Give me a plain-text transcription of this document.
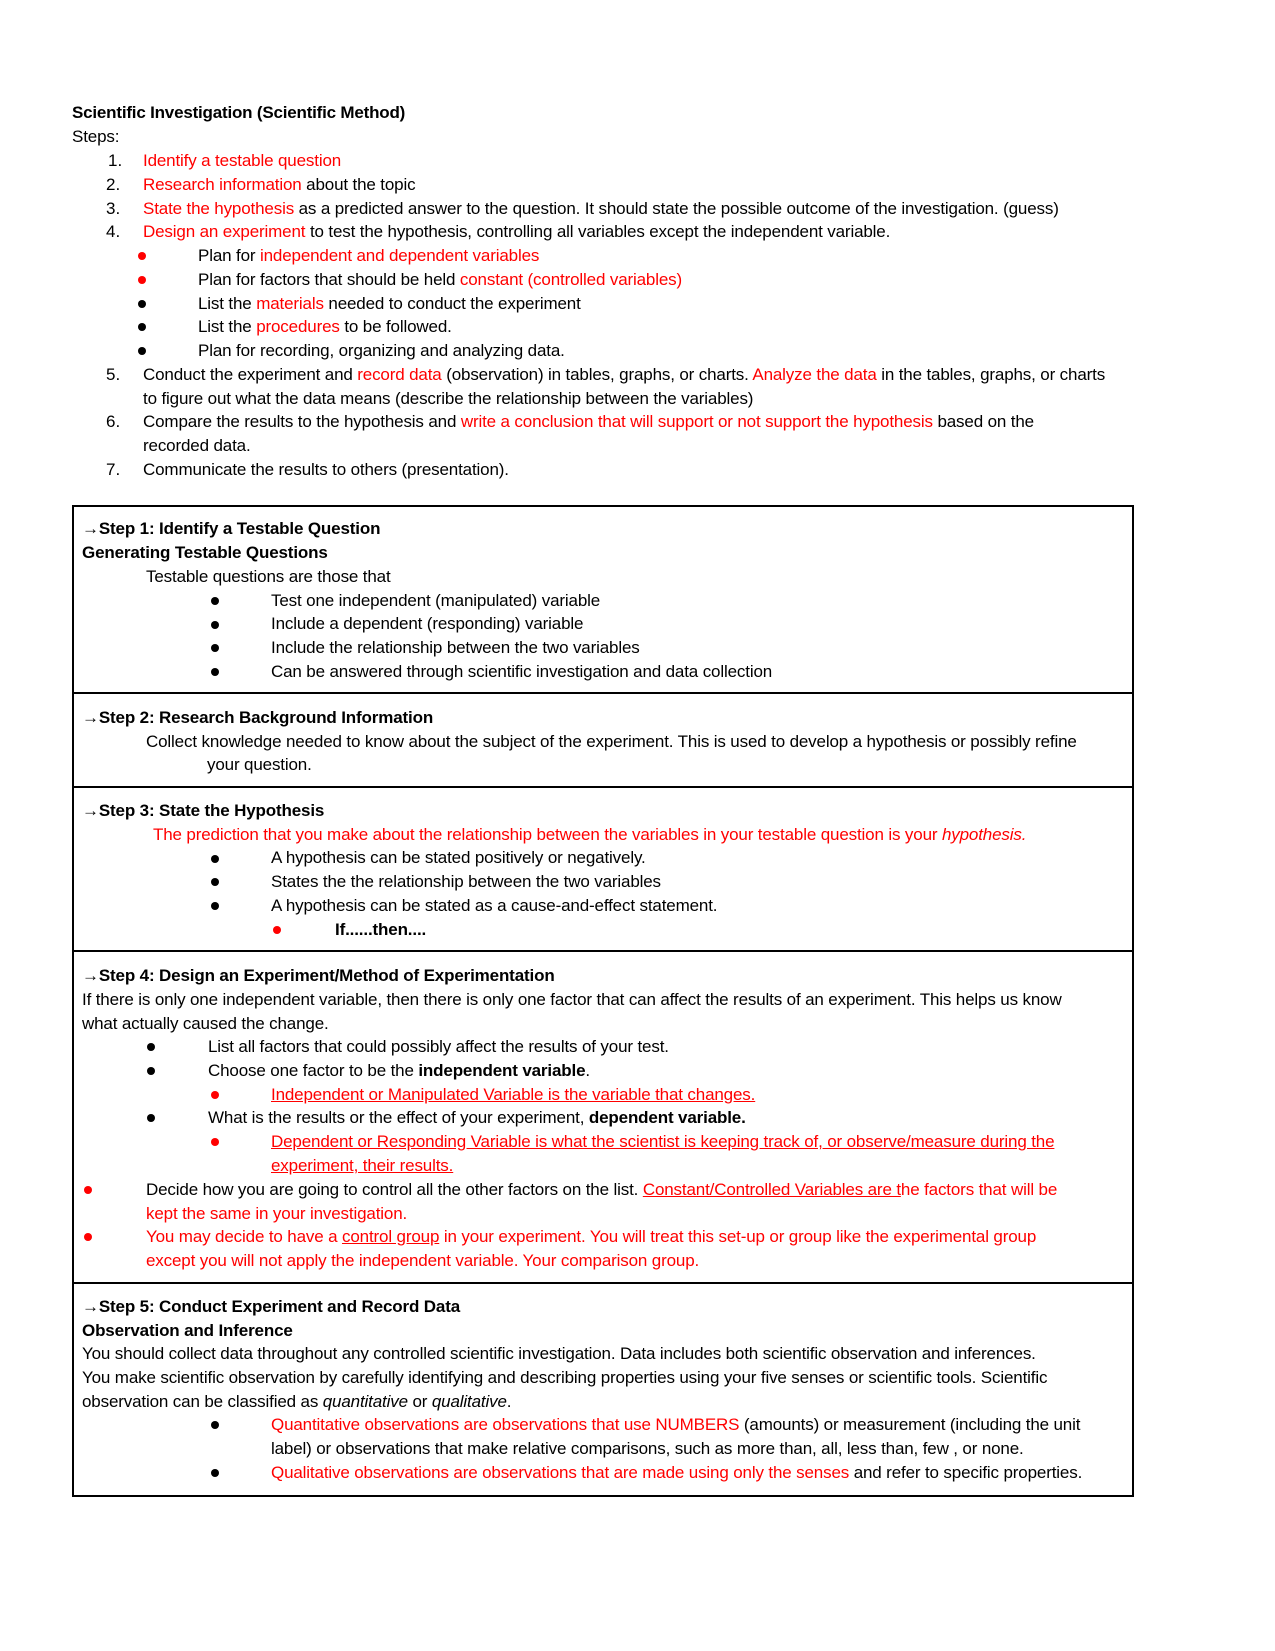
Scientific Investigation (Scientific Method)
Steps:
1. Identify a testable question
2. Research information about the topic
3. State the hypothesis as a predicted answer to the question. It should state the possible outcome of the investigation. (guess)
4. Design an experiment to test the hypothesis, controlling all variables except the independent variable.
Plan for independent and dependent variables
Plan for factors that should be held constant (controlled variables)
List the materials needed to conduct the experiment
List the procedures to be followed.
Plan for recording, organizing and analyzing data.
5. Conduct the experiment and record data (observation) in tables, graphs, or charts. Analyze the data in the tables, graphs, or charts
to figure out what the data means (describe the relationship between the variables)
6. Compare the results to the hypothesis and write a conclusion that will support or not support the hypothesis based on the
recorded data.
7. Communicate the results to others (presentation).
→Step 1: Identify a Testable Question
Generating Testable Questions
Testable questions are those that
Test one independent (manipulated) variable
Include a dependent (responding) variable
Include the relationship between the two variables
Can be answered through scientific investigation and data collection
→Step 2: Research Background Information
Collect knowledge needed to know about the subject of the experiment. This is used to develop a hypothesis or possibly refine
your question.
→Step 3: State the Hypothesis
The prediction that you make about the relationship between the variables in your testable question is your hypothesis.
A hypothesis can be stated positively or negatively.
States the the relationship between the two variables
A hypothesis can be stated as a cause-and-effect statement.
If......then....
→Step 4: Design an Experiment/Method of Experimentation
If there is only one independent variable, then there is only one factor that can affect the results of an experiment. This helps us know
what actually caused the change.
List all factors that could possibly affect the results of your test.
Choose one factor to be the independent variable.
Independent or Manipulated Variable is the variable that changes.
What is the results or the effect of your experiment, dependent variable.
Dependent or Responding Variable is what the scientist is keeping track of, or observe/measure during the
experiment, their results.
Decide how you are going to control all the other factors on the list. Constant/Controlled Variables are the factors that will be
kept the same in your investigation.
You may decide to have a control group in your experiment. You will treat this set-up or group like the experimental group
except you will not apply the independent variable. Your comparison group.
→Step 5: Conduct Experiment and Record Data
Observation and Inference
You should collect data throughout any controlled scientific investigation. Data includes both scientific observation and inferences.
You make scientific observation by carefully identifying and describing properties using your five senses or scientific tools. Scientific
observation can be classified as quantitative or qualitative.
Quantitative observations are observations that use NUMBERS (amounts) or measurement (including the unit
label) or observations that make relative comparisons, such as more than, all, less than, few , or none.
Qualitative observations are observations that are made using only the senses and refer to specific properties.
